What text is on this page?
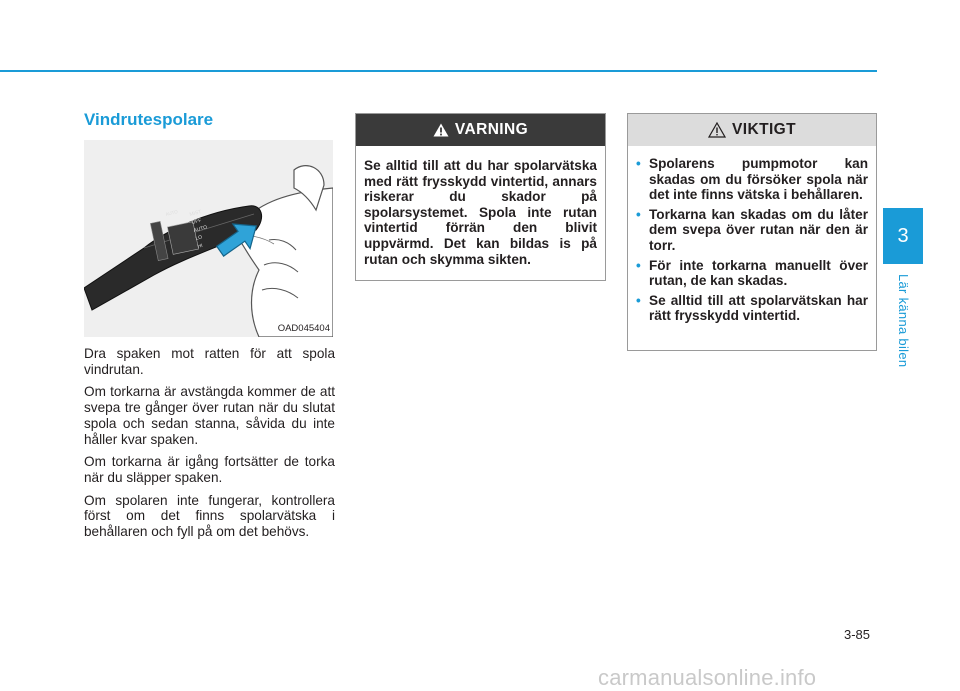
3
Lär känna bilen
Vindrutespolare
MIST
OFF
AUTO
LO
HI
AUTO
OAD045404

Dra spaken mot ratten för att spola vindrutan.

Om torkarna är avstängda kommer de att svepa tre gånger över rutan när du slutat spola och sedan stanna, såvida du inte håller kvar spaken.

Om torkarna är igång fortsätter de torka när du släpper spaken.

Om spolaren inte fungerar, kontrollera först om det finns spolarvätska i behållaren och fyll på om det behövs.

VARNING

Se alltid till att du har spolarvätska med rätt frysskydd vintertid, annars riskerar du skador på spolarsystemet. Spola inte rutan vintertid förrän den blivit uppvärmd. Det kan bildas is på rutan och skymma sikten.

VIKTIGT
• Spolarens pumpmotor kan skadas om du försöker spola när det inte finns vätska i behållaren.
• Torkarna kan skadas om du låter dem svepa över rutan när den är torr.
• För inte torkarna manuellt över rutan, de kan skadas.
• Se alltid till att spolarvätskan har rätt frysskydd vintertid.
3-85
carmanualsonline.info
